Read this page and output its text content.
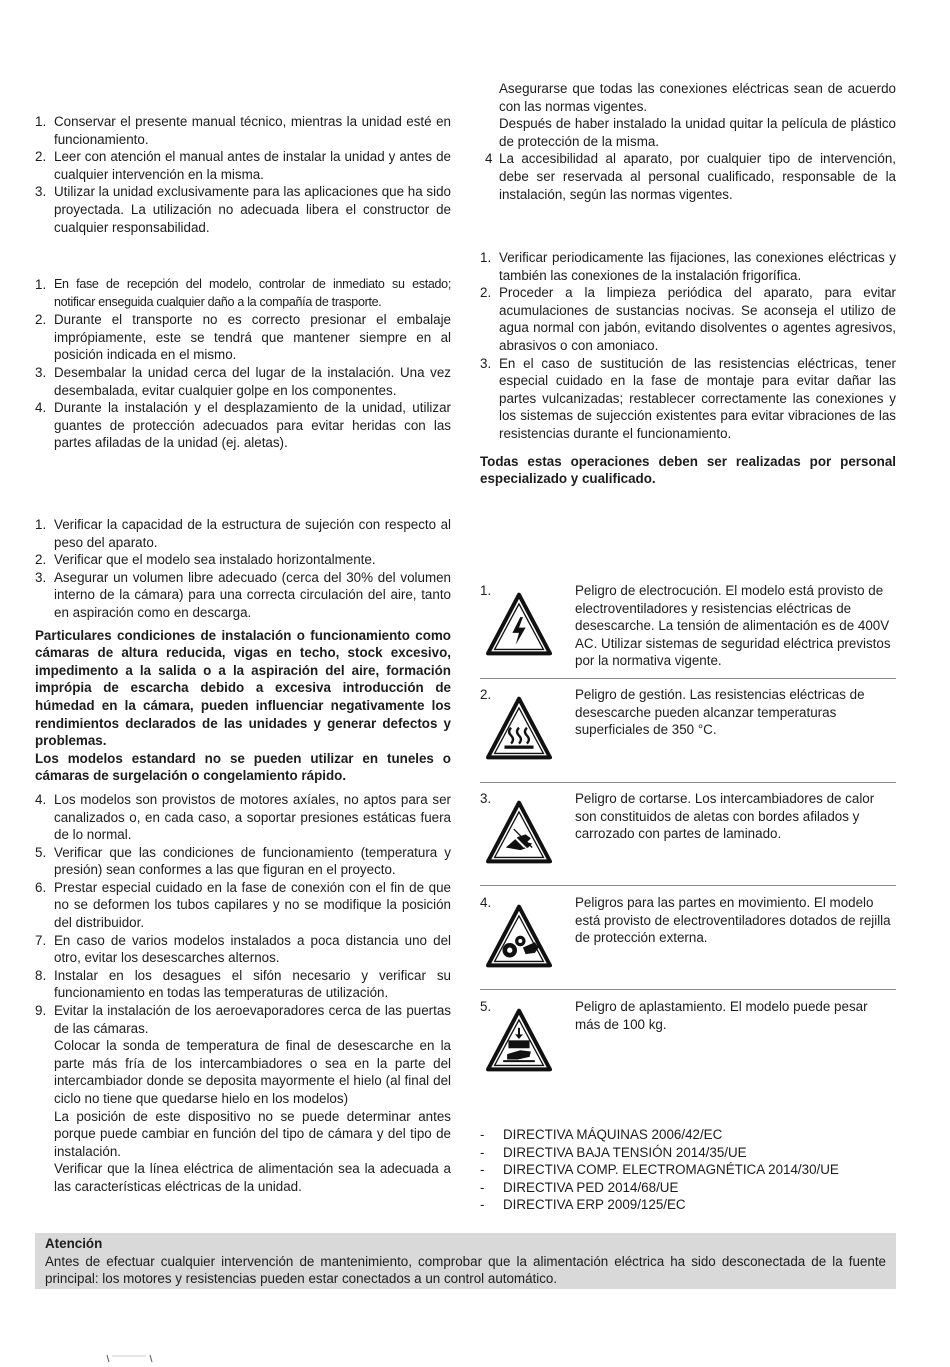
1. Conservar el presente manual técnico, mientras la unidad esté en funcionamiento.
2. Leer con atención el manual antes de instalar la unidad y antes de cualquier intervención en la misma.
3. Utilizar la unidad exclusivamente para las aplicaciones que ha sido proyectada. La utilización no adecuada libera el constructor de cualquier responsabilidad.
1. En fase de recepción del modelo, controlar de inmediato su estado; notificar enseguida cualquier daño a la compañía de trasporte.
2. Durante el transporte no es correcto presionar el embalaje imprópiamente, este se tendrá que mantener siempre en al posición indicada en el mismo.
3. Desembalar la unidad cerca del lugar de la instalación. Una vez desembalada, evitar cualquier golpe en los componentes.
4. Durante la instalación y el desplazamiento de la unidad, utilizar guantes de protección adecuados para evitar heridas con las partes afiladas de la unidad (ej. aletas).
1. Verificar la capacidad de la estructura de sujeción con respecto al peso del aparato.
2. Verificar que el modelo sea instalado horizontalmente.
3. Asegurar un volumen libre adecuado (cerca del 30% del volumen interno de la cámara) para una correcta circulación del aire, tanto en aspiración como en descarga.
Particulares condiciones de instalación o funcionamiento como cámaras de altura reducida, vigas en techo, stock excesivo, impedimento a la salida o a la aspiración del aire, formación imprópia de escarcha debido a excesiva introducción de húmedad en la cámara, pueden influenciar negativamente los rendimientos declarados de las unidades y generar defectos y problemas.
Los modelos estandard no se pueden utilizar en tuneles o cámaras de surgelación o congelamiento rápido.
4. Los modelos son provistos de motores axíales, no aptos para ser canalizados o, en cada caso, a soportar presiones estáticas fuera de lo normal.
5. Verificar que las condiciones de funcionamiento (temperatura y presión) sean conformes a las que figuran en el proyecto.
6. Prestar especial cuidado en la fase de conexión con el fin de que no se deformen los tubos capilares y no se modifique la posición del distribuidor.
7. En caso de varios modelos instalados a poca distancia uno del otro, evitar los desescarches alternos.
8. Instalar en los desagues el sifón necesario y verificar su funcionamiento en todas las temperaturas de utilización.
9. Evitar la instalación de los aeroevaporadores cerca de las puertas de las cámaras.
Colocar la sonda de temperatura de final de desescarche en la parte más fría de los intercambiadores o sea en la parte del intercambiador donde se deposita mayormente el hielo (al final del ciclo no tiene que quedarse hielo en los modelos)
La posición de este dispositivo no se puede determinar antes porque puede cambiar en función del tipo de cámara y del tipo de instalación.
Verificar que la línea eléctrica de alimentación sea la adecuada a las características eléctricas de la unidad.
Asegurarse que todas las conexiones eléctricas sean de acuerdo con las normas vigentes.
Después de haber instalado la unidad quitar la película de plástico de protección de la misma.
4 La accesibilidad al aparato, por cualquier tipo de intervención, debe ser reservada al personal cualificado, responsable de la instalación, según las normas vigentes.
1. Verificar periodicamente las fijaciones, las conexiones eléctricas y también las conexiones de la instalación frigorífica.
2. Proceder a la limpieza periódica del aparato, para evitar acumulaciones de sustancias nocivas. Se aconseja el utilizo de agua normal con jabón, evitando disolventes o agentes agresivos, abrasivos o con amoniaco.
3. En el caso de sustitución de las resistencias eléctricas, tener especial cuidado en la fase de montaje para evitar dañar las partes vulcanizadas; restablecer correctamente las conexiones y los sistemas de sujección existentes para evitar vibraciones de las resistencias durante el funcionamiento.
Todas estas operaciones deben ser realizadas por personal especializado y cualificado.
1.	Peligro de electrocución. El modelo está provisto de electroventiladores y resistencias eléctricas de desescarche. La tensión de alimentación es de 400V AC. Utilizar sistemas de seguridad eléctrica previstos por la normativa vigente.
2.	Peligro de gestión. Las resistencias eléctricas de desescarche pueden alcanzar temperaturas superficiales de 350 °C.
3.	Peligro de cortarse. Los intercambiadores de calor son constituidos de aletas con bordes afilados y carrozado con partes de laminado.
4.	Peligros para las partes en movimiento. El modelo está provisto de electroventiladores dotados de rejilla de protección externa.
5.	Peligro de aplastamiento. El modelo puede pesar más de 100 kg.
- DIRECTIVA MÁQUINAS 2006/42/EC
- DIRECTIVA BAJA TENSIÓN 2014/35/UE
- DIRECTIVA COMP. ELECTROMAGNÉTICA 2014/30/UE
- DIRECTIVA PED 2014/68/UE
- DIRECTIVA ERP 2009/125/EC
Atención
Antes de efectuar cualquier intervención de mantenimiento, comprobar que la alimentación eléctrica ha sido desconectada de la fuente principal: los motores y resistencias pueden estar conectados a un control automático.
